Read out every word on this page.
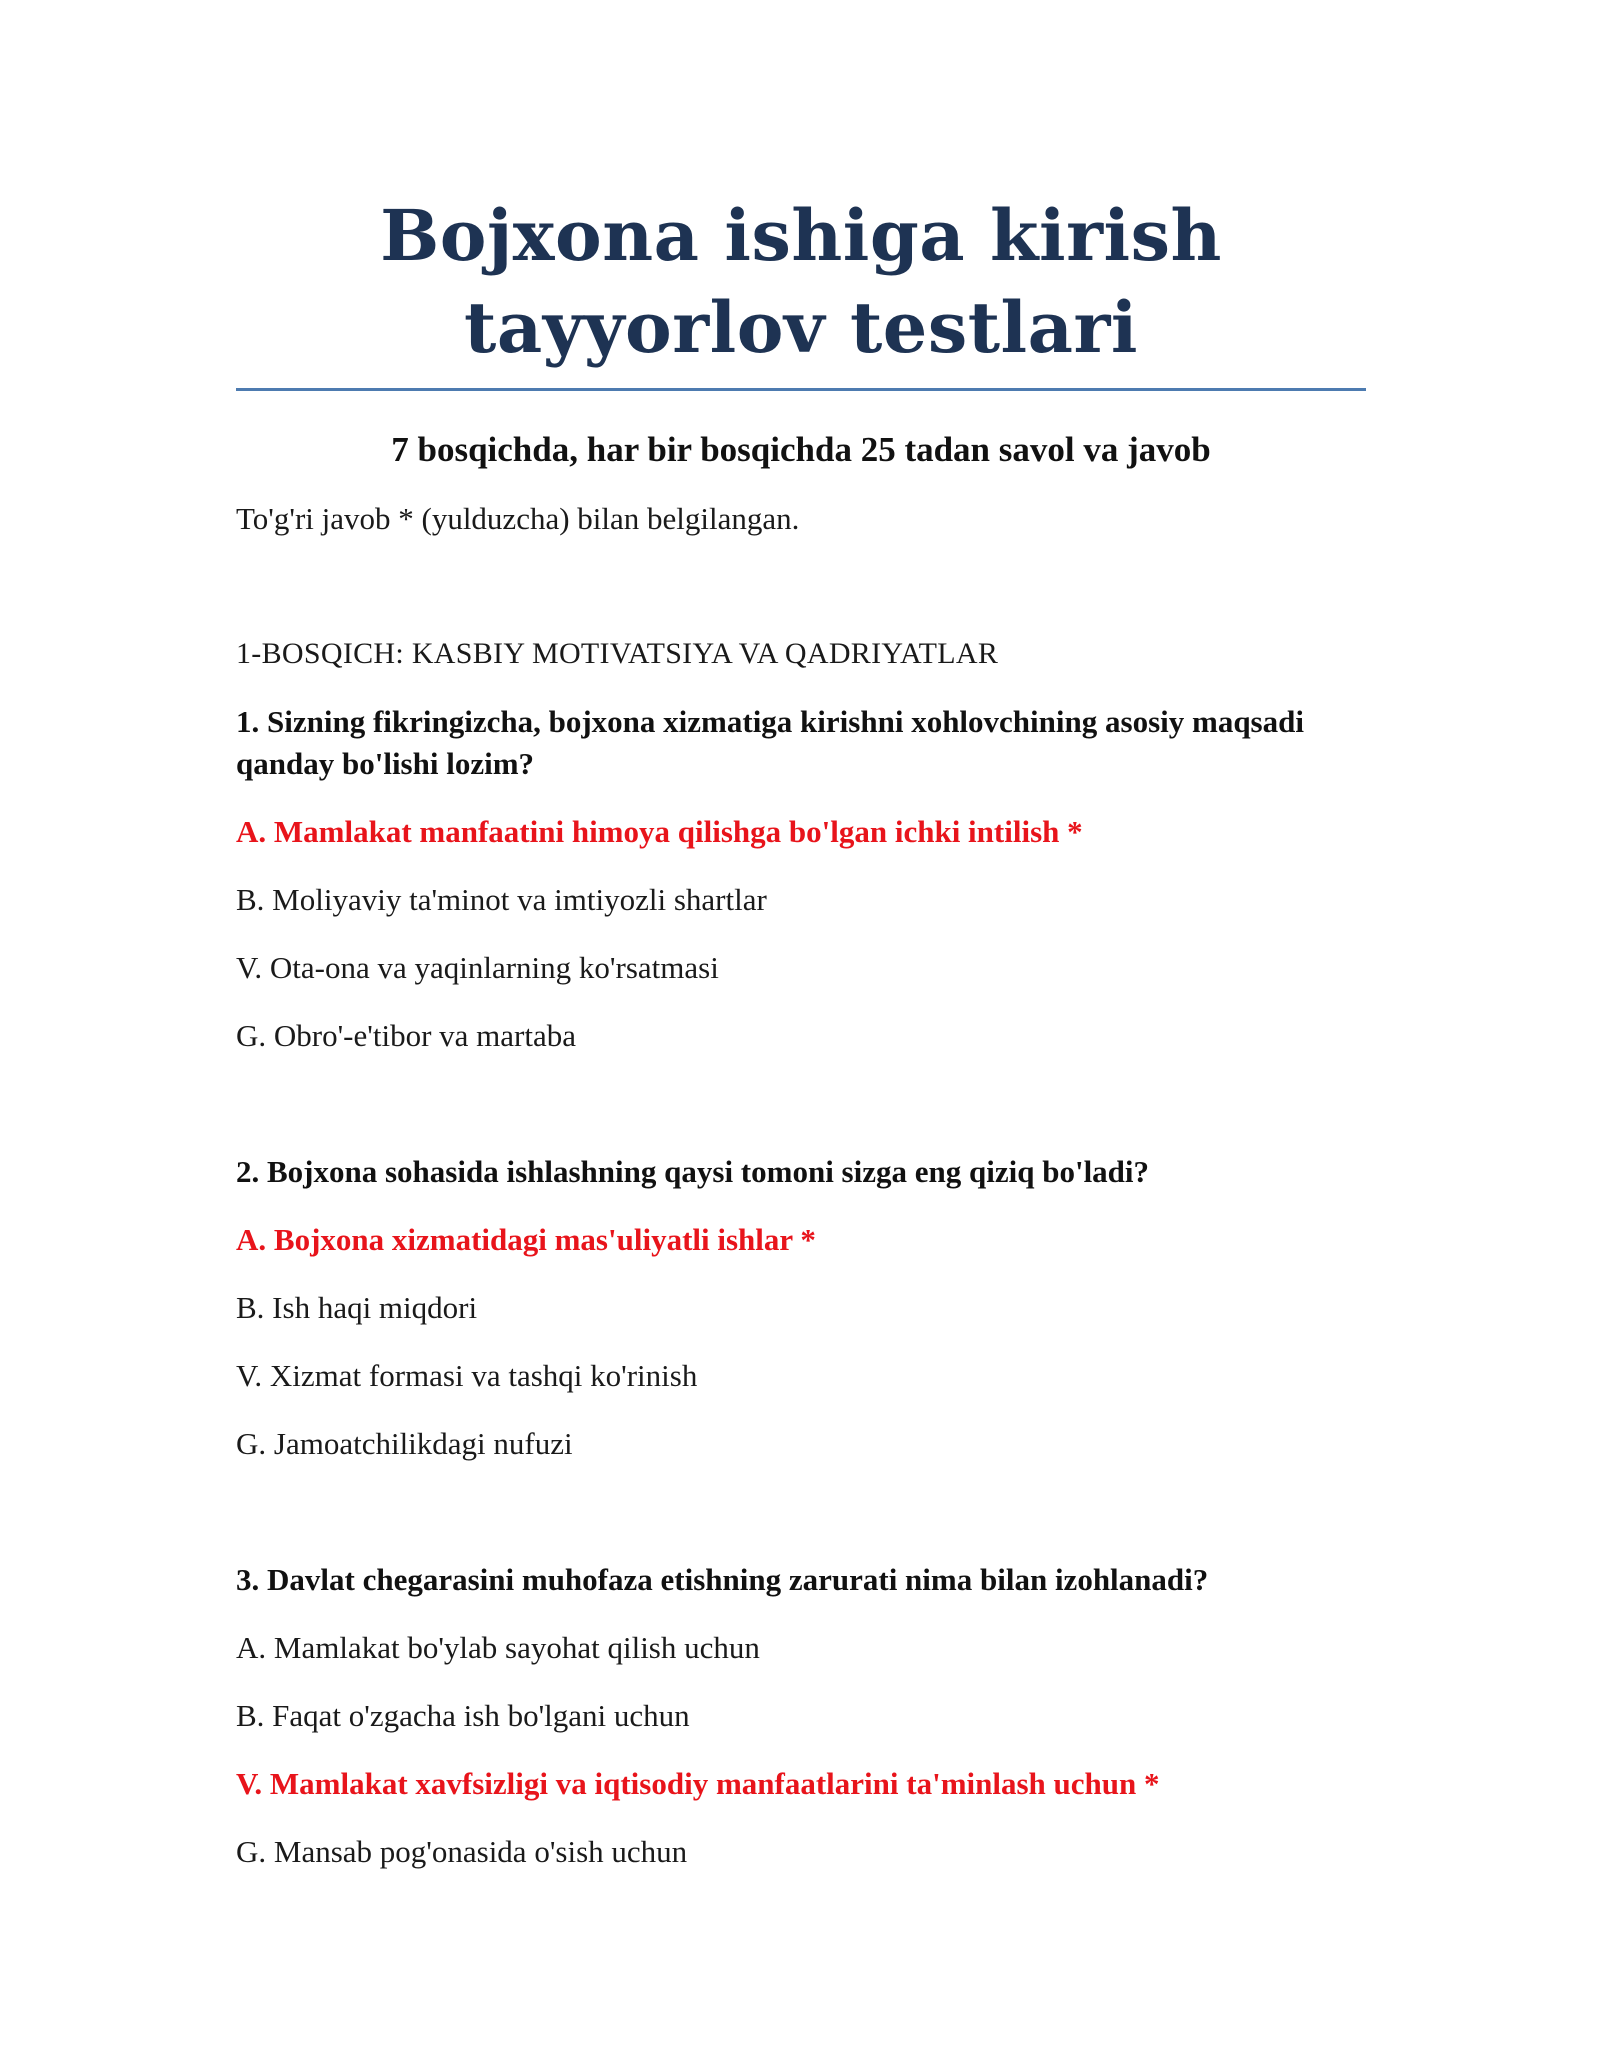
Bojxona ishiga kirish tayyorlov testlari
7 bosqichda, har bir bosqichda 25 tadan savol va javob

To'g'ri javob * (yulduzcha) bilan belgilangan.

1-BOSQICH: KASBIY MOTIVATSIYA VA QADRIYATLAR

1. Sizning fikringizcha, bojxona xizmatiga kirishni xohlovchining asosiy maqsadi qanday bo'lishi lozim?

A. Mamlakat manfaatini himoya qilishga bo'lgan ichki intilish *

B. Moliyaviy ta'minot va imtiyozli shartlar

V. Ota-ona va yaqinlarning ko'rsatmasi

G. Obro'-e'tibor va martaba

2. Bojxona sohasida ishlashning qaysi tomoni sizga eng qiziq bo'ladi?

A. Bojxona xizmatidagi mas'uliyatli ishlar *

B. Ish haqi miqdori

V. Xizmat formasi va tashqi ko'rinish

G. Jamoatchilikdagi nufuzi

3. Davlat chegarasini muhofaza etishning zarurati nima bilan izohlanadi?

A. Mamlakat bo'ylab sayohat qilish uchun

B. Faqat o'zgacha ish bo'lgani uchun

V. Mamlakat xavfsizligi va iqtisodiy manfaatlarini ta'minlash uchun *

G. Mansab pog'onasida o'sish uchun
